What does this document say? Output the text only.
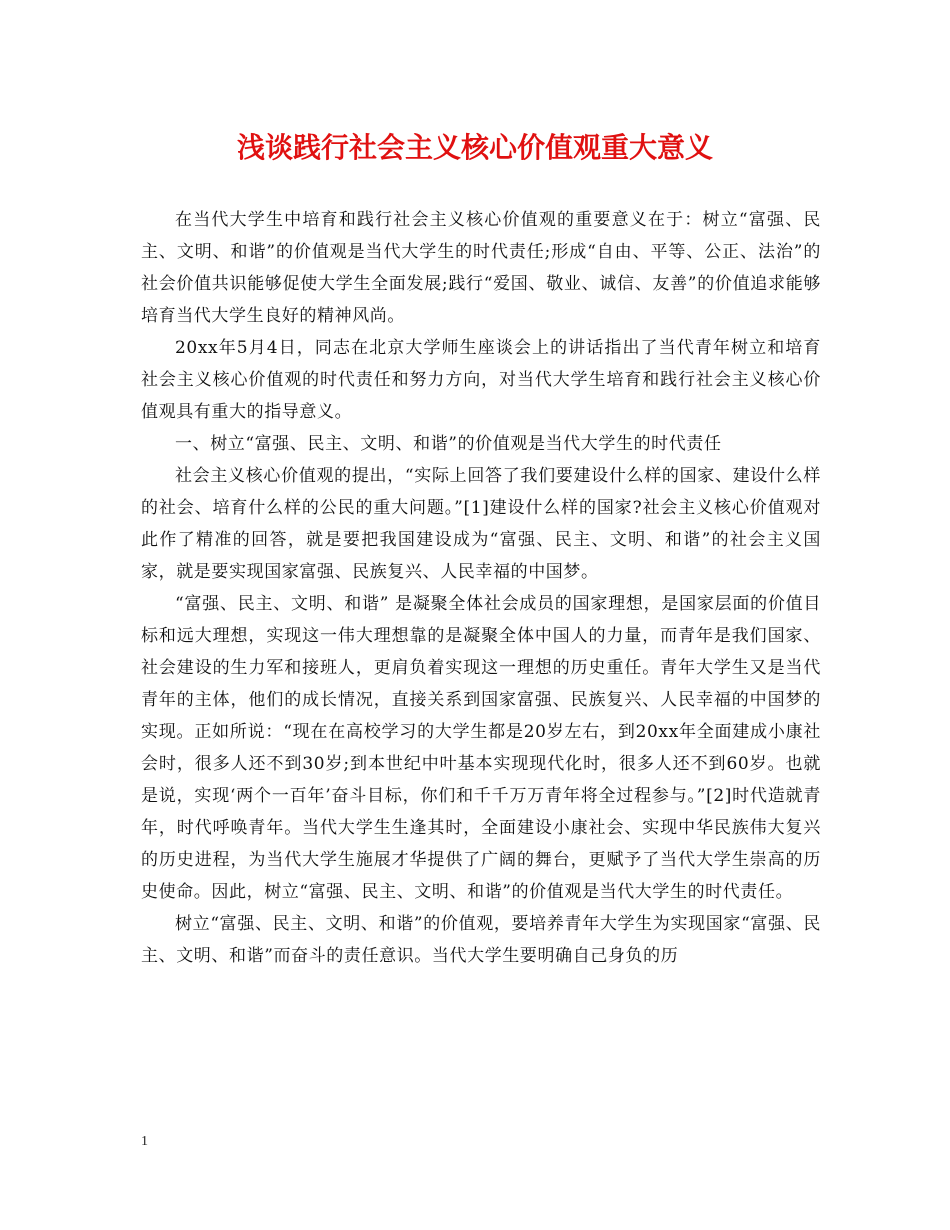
浅谈践行社会主义核心价值观重大意义

在当代大学生中培育和践行社会主义核心价值观的重要意义在于：树立“富强、民主、文明、和谐”的价值观是当代大学生的时代责任;形成“自由、平等、公正、法治”的社会价值共识能够促使大学生全面发展;践行“爱国、敬业、诚信、友善”的价值追求能够培育当代大学生良好的精神风尚。

20xx年5月4日，同志在北京大学师生座谈会上的讲话指出了当代青年树立和培育社会主义核心价值观的时代责任和努力方向，对当代大学生培育和践行社会主义核心价值观具有重大的指导意义。

一、树立“富强、民主、文明、和谐”的价值观是当代大学生的时代责任

社会主义核心价值观的提出，“实际上回答了我们要建设什么样的国家、建设什么样的社会、培育什么样的公民的重大问题。”[1]建设什么样的国家?社会主义核心价值观对此作了精准的回答，就是要把我国建设成为“富强、民主、文明、和谐”的社会主义国家，就是要实现国家富强、民族复兴、人民幸福的中国梦。

“富强、民主、文明、和谐” 是凝聚全体社会成员的国家理想，是国家层面的价值目标和远大理想，实现这一伟大理想靠的是凝聚全体中国人的力量，而青年是我们国家、社会建设的生力军和接班人，更肩负着实现这一理想的历史重任。青年大学生又是当代青年的主体，他们的成长情况，直接关系到国家富强、民族复兴、人民幸福的中国梦的实现。正如所说：“现在在高校学习的大学生都是20岁左右，到20xx年全面建成小康社会时，很多人还不到30岁;到本世纪中叶基本实现现代化时，很多人还不到60岁。也就是说，实现‘两个一百年’奋斗目标，你们和千千万万青年将全过程参与。”[2]时代造就青年，时代呼唤青年。当代大学生生逢其时，全面建设小康社会、实现中华民族伟大复兴的历史进程，为当代大学生施展才华提供了广阔的舞台，更赋予了当代大学生崇高的历史使命。因此，树立“富强、民主、文明、和谐”的价值观是当代大学生的时代责任。

树立“富强、民主、文明、和谐”的价值观，要培养青年大学生为实现国家“富强、民主、文明、和谐”而奋斗的责任意识。当代大学生要明确自己身负的历

1
